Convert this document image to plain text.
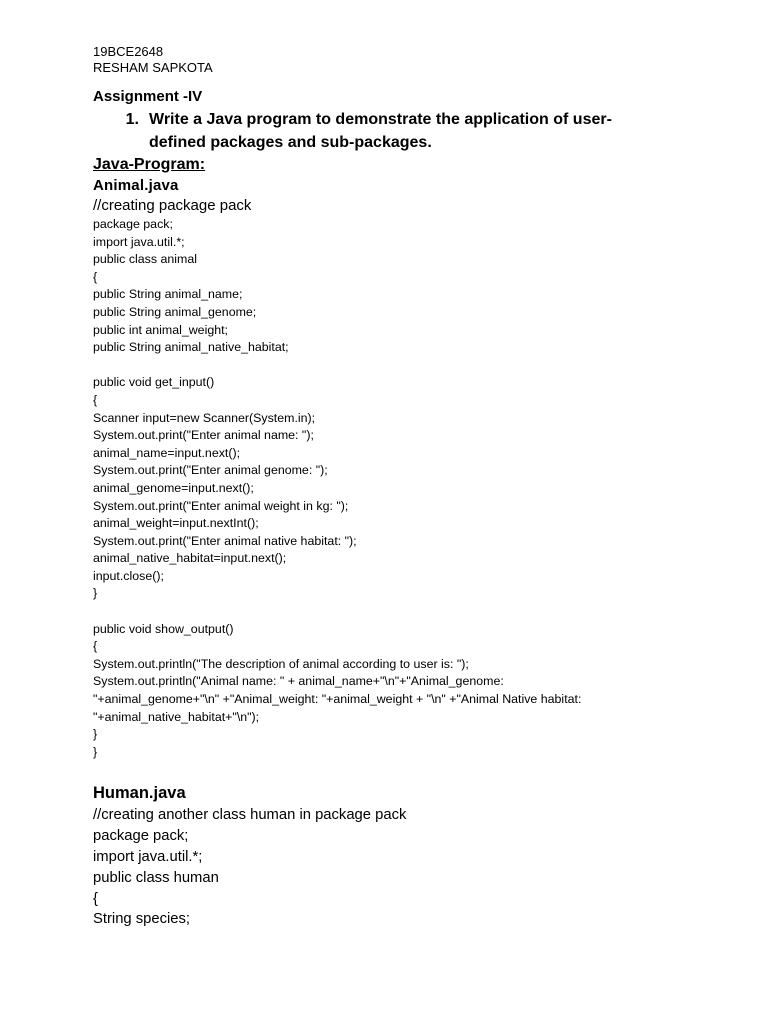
19BCE2648
RESHAM SAPKOTA
Assignment -IV
1. Write a Java program to demonstrate the application of user-defined packages and sub-packages.
Java-Program:
Animal.java
//creating package pack
package pack;
import java.util.*;
public class animal
{
public String animal_name;
public String animal_genome;
public int animal_weight;
public String animal_native_habitat;
public void get_input()
{
Scanner input=new Scanner(System.in);
System.out.print("Enter animal name: ");
animal_name=input.next();
System.out.print("Enter animal genome: ");
animal_genome=input.next();
System.out.print("Enter animal weight in kg: ");
animal_weight=input.nextInt();
System.out.print("Enter animal native habitat: ");
animal_native_habitat=input.next();
input.close();
}
public void show_output()
{
System.out.println("The description of animal according to user is: ");
System.out.println("Animal name: " + animal_name+"\n"+"Animal_genome:
"+animal_genome+"\n" +"Animal_weight: "+animal_weight + "\n" +"Animal Native habitat:
"+animal_native_habitat+"\n");
}
}
Human.java
//creating another class human in package pack
package pack;
import java.util.*;
public class human
{
String species;
